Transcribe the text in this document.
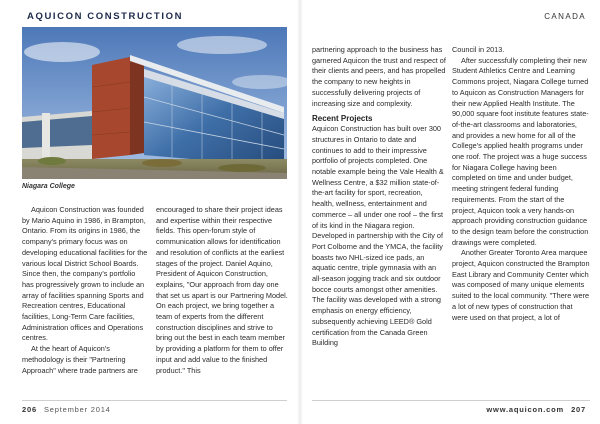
AQUICON CONSTRUCTION
Niagara College

Aquicon Construction was founded by Mario Aquino in 1986, in Brampton, Ontario. From its origins in 1986, the company's primary focus was on developing educational facilities for the various local District School Boards. Since then, the company's portfolio has progressively grown to include an array of facilities spanning Sports and Recreation centres, Educational facilities, Long-Term Care facilities, Administration offices and Operations centres.

At the heart of Aquicon's methodology is their "Partnering Approach" where trade partners are

encouraged to share their project ideas and expertise within their respective fields. This open-forum style of communication allows for identification and resolution of conflicts at the earliest stages of the project. Daniel Aquino, President of Aquicon Construction, explains, "Our approach from day one that set us apart is our Partnering Model. On each project, we bring together a team of experts from the different construction disciplines and strive to bring out the best in each team member by providing a platform for them to offer input and add value to the finished product." This

206 September 2014
CANADA

partnering approach to the business has garnered Aquicon the trust and respect of their clients and peers, and has propelled the company to new heights in successfully delivering projects of increasing size and complexity.

Recent Projects

Aquicon Construction has built over 300 structures in Ontario to date and continues to add to their impressive portfolio of projects completed. One notable example being the Vale Health & Wellness Centre, a $32 million state-of-the-art facility for sport, recreation, health, wellness, entertainment and commerce – all under one roof – the first of its kind in the Niagara region. Developed in partnership with the City of Port Colborne and the YMCA, the facility boasts two NHL-sized ice pads, an aquatic centre, triple gymnasia with an all-season jogging track and six outdoor bocce courts amongst other amenities. The facility was developed with a strong emphasis on energy efficiency, subsequently achieving LEED® Gold certification from the Canada Green Building

Council in 2013.

After successfully completing their new Student Athletics Centre and Learning Commons project, Niagara College turned to Aquicon as Construction Managers for their new Applied Health Institute. The 90,000 square foot institute features state-of-the-art classrooms and laboratories, and provides a new home for all of the College's applied health programs under one roof. The project was a huge success for Niagara College having been completed on time and under budget, meeting stringent federal funding requirements. From the start of the project, Aquicon took a very hands-on approach providing construction guidance to the design team before the construction drawings were completed.

Another Greater Toronto Area marquee project, Aquicon constructed the Brampton East Library and Community Center which was composed of many unique elements suited to the local community. "There were a lot of new types of construction that were used on that project, a lot of

www.aquicon.com 207
